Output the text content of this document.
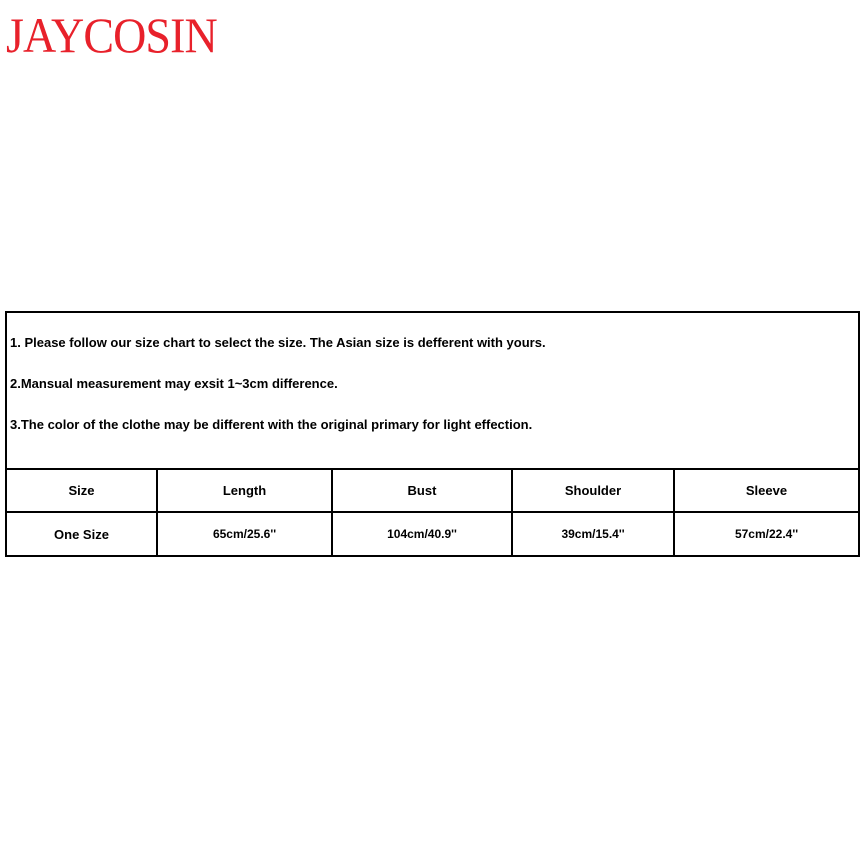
JAYCOSIN
1. Please follow our size chart to select the size. The Asian size is defferent with yours.
2.Mansual measurement may exsit 1~3cm difference.
3.The color of the clothe may be different with the original primary for light effection.
Size	Length	Bust	Shoulder	Sleeve
One Size	65cm/25.6''	104cm/40.9''	39cm/15.4''	57cm/22.4''
